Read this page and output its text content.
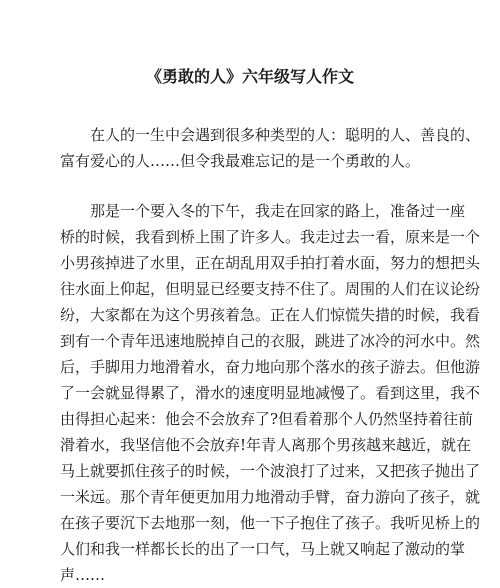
《勇敢的人》六年级写人作文
在人的一生中会遇到很多种类型的人：聪明的人、善良的、
富有爱心的人……但令我最难忘记的是一个勇敢的人。
那是一个要入冬的下午，我走在回家的路上，准备过一座
桥的时候，我看到桥上围了许多人。我走过去一看，原来是一个
小男孩掉进了水里，正在胡乱用双手拍打着水面，努力的想把头
往水面上仰起，但明显已经要支持不住了。周围的人们在议论纷
纷，大家都在为这个男孩着急。正在人们惊慌失措的时候，我看
到有一个青年迅速地脱掉自己的衣服，跳进了冰冷的河水中。然
后，手脚用力地滑着水，奋力地向那个落水的孩子游去。但他游
了一会就显得累了，滑水的速度明显地减慢了。看到这里，我不
由得担心起来：他会不会放弃了?但看着那个人仍然坚持着往前
滑着水，我坚信他不会放弃!年青人离那个男孩越来越近，就在
马上就要抓住孩子的时候，一个波浪打了过来，又把孩子抛出了
一米远。那个青年便更加用力地滑动手臂，奋力游向了孩子，就
在孩子要沉下去地那一刻，他一下子抱住了孩子。我听见桥上的
人们和我一样都长长的出了一口气，马上就又响起了激动的掌
声……
